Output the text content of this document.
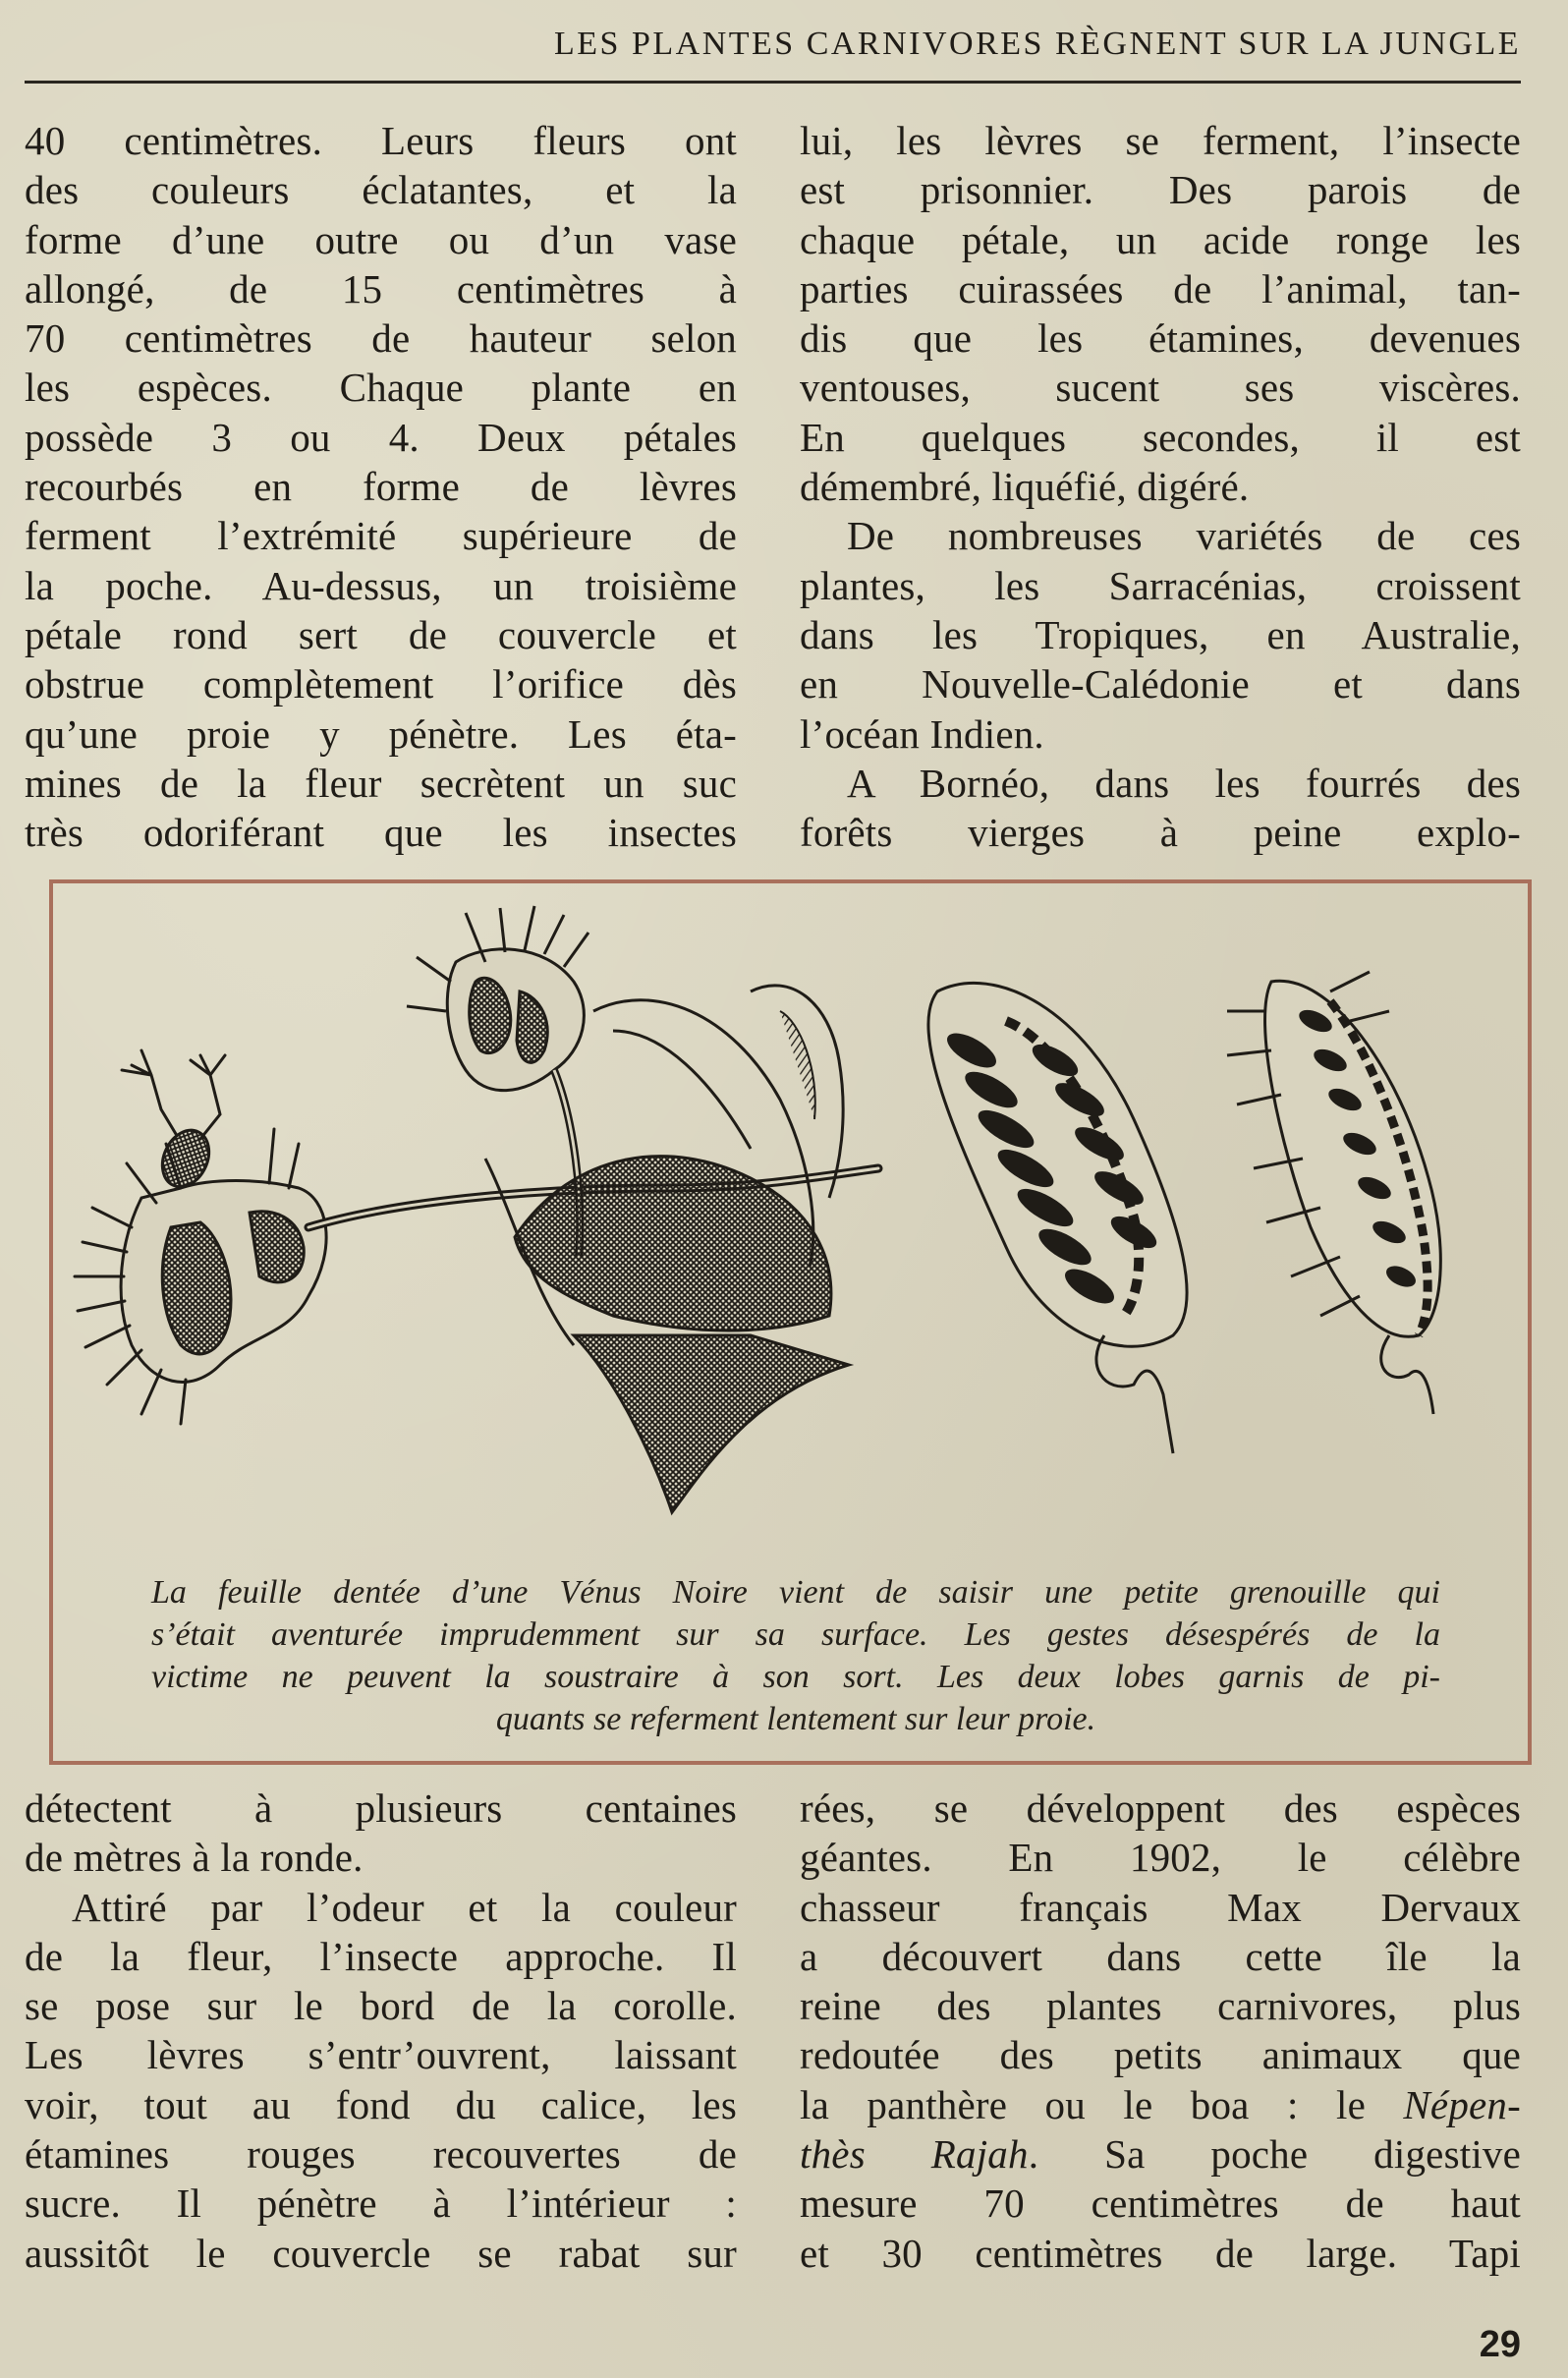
LES PLANTES CARNIVORES RÈGNENT SUR LA JUNGLE
40 centimètres. Leurs fleurs ont
des couleurs éclatantes, et la
forme d’une outre ou d’un vase
allongé, de 15 centimètres à
70 centimètres de hauteur selon
les espèces. Chaque plante en
possède 3 ou 4. Deux pétales
recourbés en forme de lèvres
ferment l’extrémité supérieure de
la poche. Au-dessus, un troisième
pétale rond sert de couvercle et
obstrue complètement l’orifice dès
qu’une proie y pénètre. Les éta-
mines de la fleur secrètent un suc
très odoriférant que les insectes
lui, les lèvres se ferment, l’insecte
est prisonnier. Des parois de
chaque pétale, un acide ronge les
parties cuirassées de l’animal, tan-
dis que les étamines, devenues
ventouses, sucent ses viscères.
En quelques secondes, il est
démembré, liquéfié, digéré.
De nombreuses variétés de ces
plantes, les Sarracénias, croissent
dans les Tropiques, en Australie,
en Nouvelle-Calédonie et dans
l’océan Indien.
A Bornéo, dans les fourrés des
forêts vierges à peine explo-
La feuille dentée d’une Vénus Noire vient de saisir une petite grenouille qui
s’était aventurée imprudemment sur sa surface. Les gestes désespérés de la
victime ne peuvent la soustraire à son sort. Les deux lobes garnis de pi-
quants se referment lentement sur leur proie.
détectent à plusieurs centaines
de mètres à la ronde.
Attiré par l’odeur et la couleur
de la fleur, l’insecte approche. Il
se pose sur le bord de la corolle.
Les lèvres s’entr’ouvrent, laissant
voir, tout au fond du calice, les
étamines rouges recouvertes de
sucre. Il pénètre à l’intérieur :
aussitôt le couvercle se rabat sur
rées, se développent des espèces
géantes. En 1902, le célèbre
chasseur français Max Dervaux
a découvert dans cette île la
reine des plantes carnivores, plus
redoutée des petits animaux que
la panthère ou le boa : le Népen-
thès Rajah. Sa poche digestive
mesure 70 centimètres de haut
et 30 centimètres de large. Tapi
29
